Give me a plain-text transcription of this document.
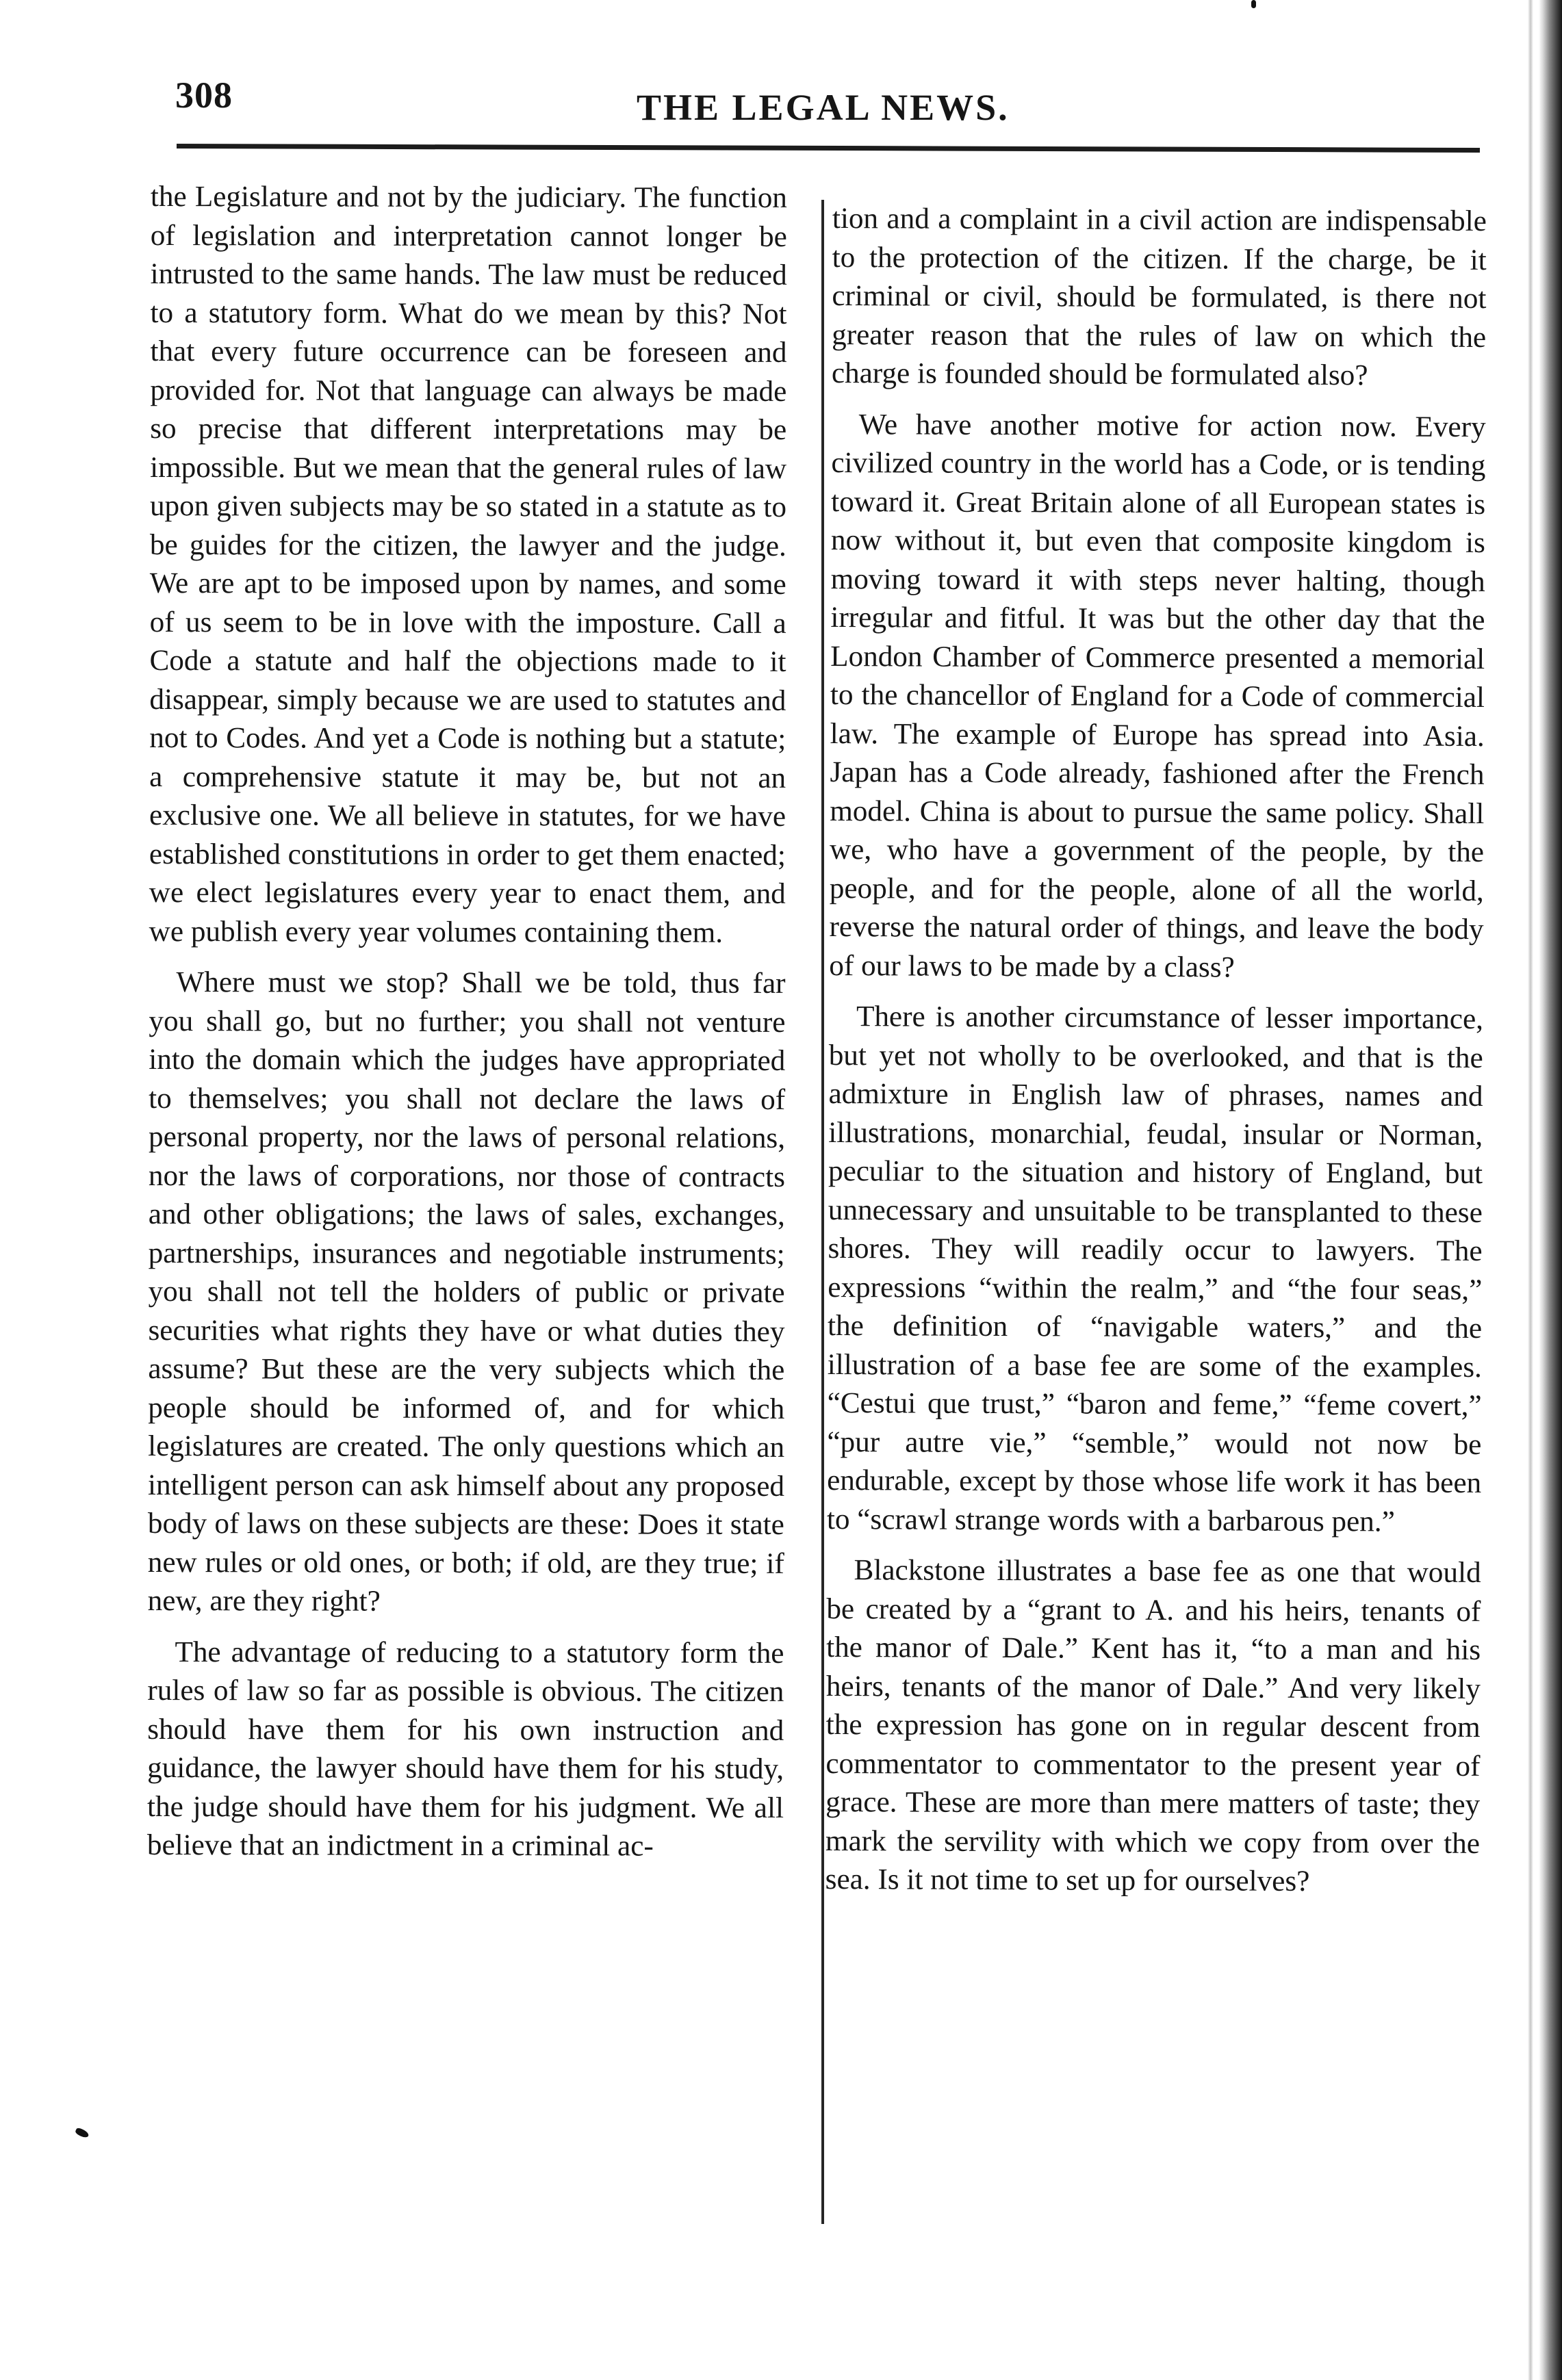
308	THE LEGAL NEWS.

the Legislature and not by the judiciary. The function of legislation and interpretation cannot longer be intrusted to the same hands. The law must be reduced to a statutory form. What do we mean by this? Not that every future occurrence can be foreseen and provided for. Not that language can always be made so precise that different interpretations may be impossible. But we mean that the general rules of law upon given subjects may be so stated in a statute as to be guides for the citizen, the lawyer and the judge. We are apt to be imposed upon by names, and some of us seem to be in love with the imposture. Call a Code a statute and half the objections made to it disappear, simply because we are used to statutes and not to Codes. And yet a Code is nothing but a statute; a comprehensive statute it may be, but not an exclusive one. We all believe in statutes, for we have established constitutions in order to get them enacted; we elect legislatures every year to enact them, and we publish every year volumes containing them.

Where must we stop? Shall we be told, thus far you shall go, but no further; you shall not venture into the domain which the judges have appropriated to themselves; you shall not declare the laws of personal property, nor the laws of personal relations, nor the laws of corporations, nor those of contracts and other obligations; the laws of sales, exchanges, partnerships, insurances and negotiable instruments; you shall not tell the holders of public or private securities what rights they have or what duties they assume? But these are the very subjects which the people should be informed of, and for which legislatures are created. The only questions which an intelligent person can ask himself about any proposed body of laws on these subjects are these: Does it state new rules or old ones, or both; if old, are they true; if new, are they right?

The advantage of reducing to a statutory form the rules of law so far as possible is obvious. The citizen should have them for his own instruction and guidance, the lawyer should have them for his study, the judge should have them for his judgment. We all believe that an indictment in a criminal ac-

tion and a complaint in a civil action are indispensable to the protection of the citizen. If the charge, be it criminal or civil, should be formulated, is there not greater reason that the rules of law on which the charge is founded should be formulated also?

We have another motive for action now. Every civilized country in the world has a Code, or is tending toward it. Great Britain alone of all European states is now without it, but even that composite kingdom is moving toward it with steps never halting, though irregular and fitful. It was but the other day that the London Chamber of Commerce presented a memorial to the chancellor of England for a Code of commercial law. The example of Europe has spread into Asia. Japan has a Code already, fashioned after the French model. China is about to pursue the same policy. Shall we, who have a government of the people, by the people, and for the people, alone of all the world, reverse the natural order of things, and leave the body of our laws to be made by a class?

There is another circumstance of lesser importance, but yet not wholly to be overlooked, and that is the admixture in English law of phrases, names and illustrations, monarchial, feudal, insular or Norman, peculiar to the situation and history of England, but unnecessary and unsuitable to be transplanted to these shores. They will readily occur to lawyers. The expressions “within the realm,” and “the four seas,” the definition of “navigable waters,” and the illustration of a base fee are some of the examples. “Cestui que trust,” “baron and feme,” “feme covert,” “pur autre vie,” “semble,” would not now be endurable, except by those whose life work it has been to “scrawl strange words with a barbarous pen.”

Blackstone illustrates a base fee as one that would be created by a “grant to A. and his heirs, tenants of the manor of Dale.” Kent has it, “to a man and his heirs, tenants of the manor of Dale.” And very likely the expression has gone on in regular descent from commentator to commentator to the present year of grace. These are more than mere matters of taste; they mark the servility with which we copy from over the sea. Is it not time to set up for ourselves?
